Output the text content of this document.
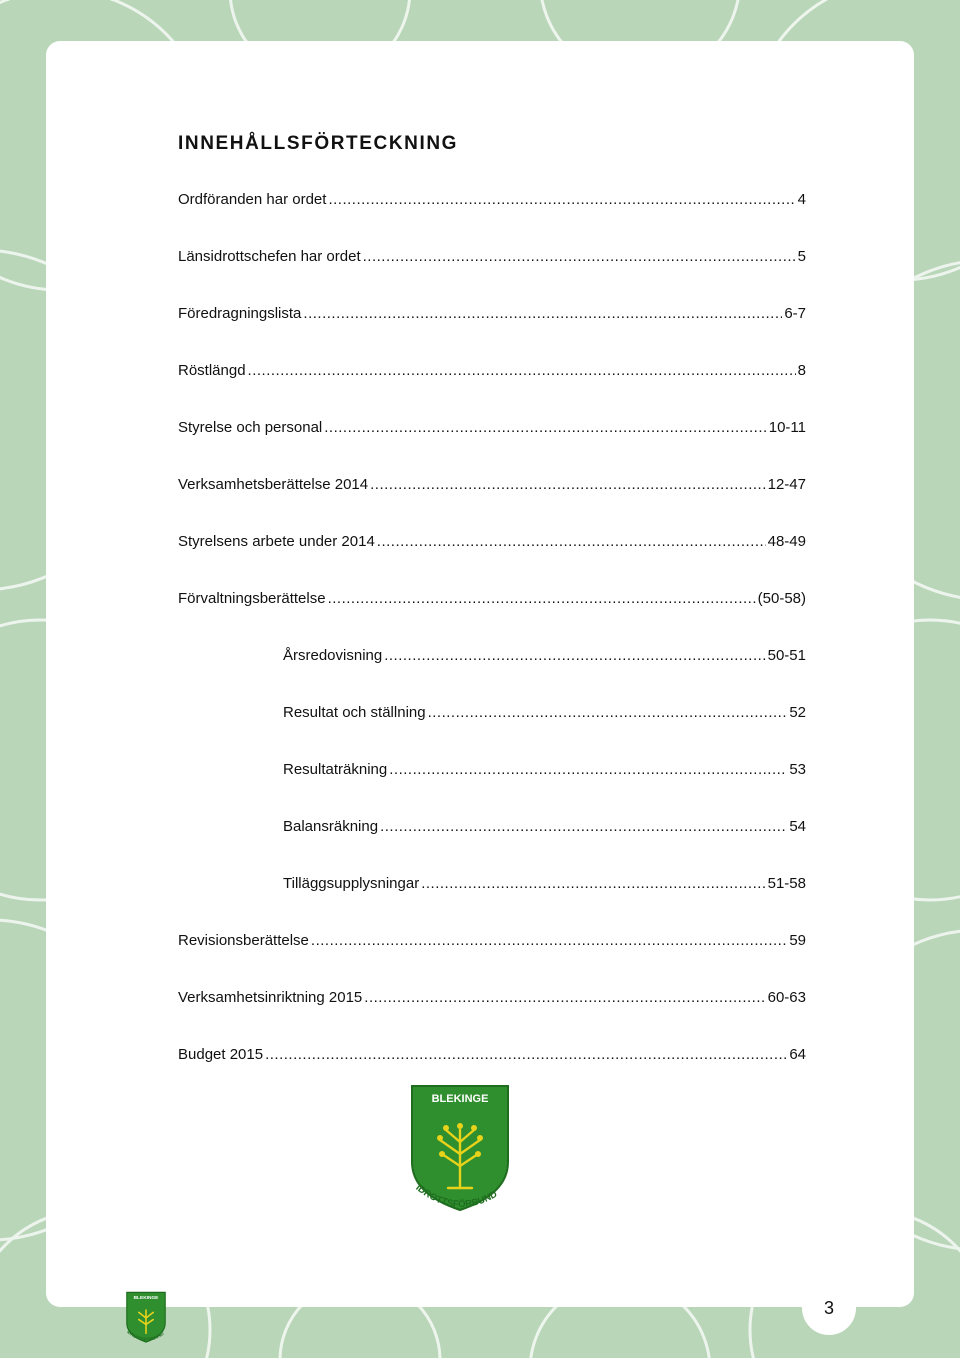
INNEHÅLLSFÖRTECKNING
Ordföranden har ordet .....	4
Länsidrottschefen har ordet .....	5
Föredragningslista .....	6-7
Röstlängd .....	8
Styrelse och personal .....	10-11
Verksamhetsberättelse 2014 .....	12-47
Styrelsens arbete under 2014 .....	48-49
Förvaltningsberättelse .....	(50-58)
Årsredovisning .....	50-51
Resultat och ställning .....	52
Resultaträkning .....	53
Balansräkning .....	54
Tilläggsupplysningar .....	51-58
Revisionsberättelse .....	59
Verksamhetsinriktning 2015 .....	60-63
Budget 2015 .....	64
BLEKINGE
IDROTTSFÖRBUND
BLEKINGE
IDROTTSFÖRBUND
3
